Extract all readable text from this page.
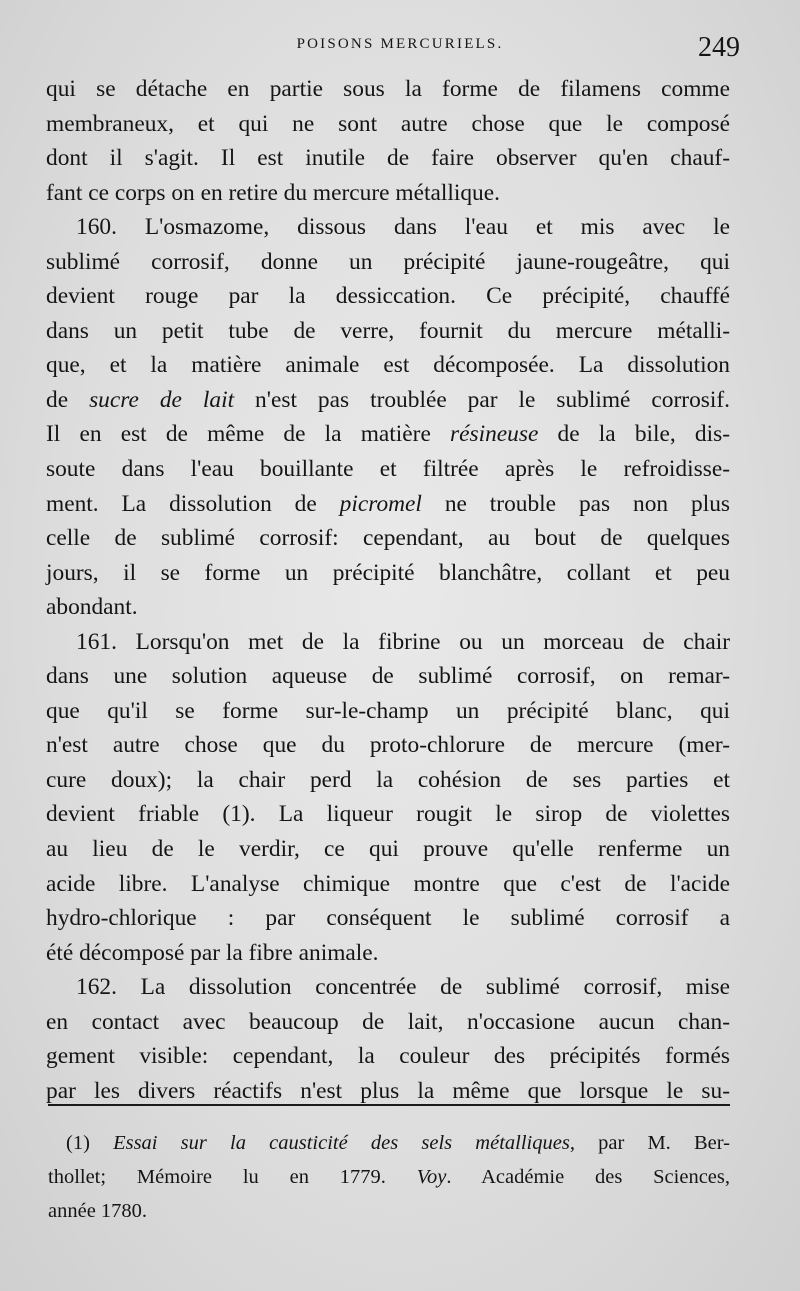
POISONS MERCURIELS.	249
qui se détache en partie sous la forme de filamens comme
membraneux, et qui ne sont autre chose que le composé
dont il s'agit. Il est inutile de faire observer qu'en chauf-
fant ce corps on en retire du mercure métallique.
160. L'osmazome, dissous dans l'eau et mis avec le
sublimé corrosif, donne un précipité jaune-rougeâtre, qui
devient rouge par la dessiccation. Ce précipité, chauffé
dans un petit tube de verre, fournit du mercure métalli-
que, et la matière animale est décomposée. La dissolution
de sucre de lait n'est pas troublée par le sublimé corrosif.
Il en est de même de la matière résineuse de la bile, dis-
soute dans l'eau bouillante et filtrée après le refroidisse-
ment. La dissolution de picromel ne trouble pas non plus
celle de sublimé corrosif: cependant, au bout de quelques
jours, il se forme un précipité blanchâtre, collant et peu
abondant.
161. Lorsqu'on met de la fibrine ou un morceau de chair
dans une solution aqueuse de sublimé corrosif, on remar-
que qu'il se forme sur-le-champ un précipité blanc, qui
n'est autre chose que du proto-chlorure de mercure (mer-
cure doux); la chair perd la cohésion de ses parties et
devient friable (1). La liqueur rougit le sirop de violettes
au lieu de le verdir, ce qui prouve qu'elle renferme un
acide libre. L'analyse chimique montre que c'est de l'acide
hydro-chlorique : par conséquent le sublimé corrosif a
été décomposé par la fibre animale.
162. La dissolution concentrée de sublimé corrosif, mise
en contact avec beaucoup de lait, n'occasione aucun chan-
gement visible: cependant, la couleur des précipités formés
par les divers réactifs n'est plus la même que lorsque le su-
(1) Essai sur la causticité des sels métalliques, par M. Ber-
thollet; Mémoire lu en 1779. Voy. Académie des Sciences,
année 1780.
